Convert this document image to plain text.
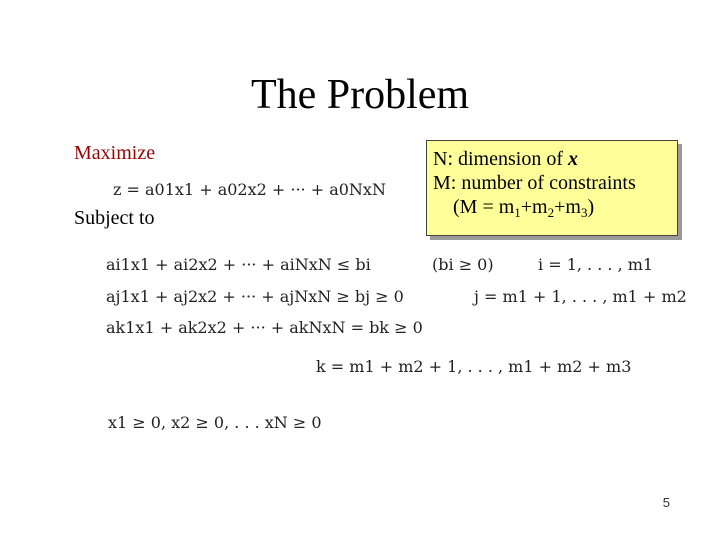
The Problem
Maximize
Subject to
N: dimension of x
M: number of constraints
$(M = m_1+m_2+m_3)$
z = a01x1 + a02x2 + ··· + a0NxN
ai1x1 + ai2x2 + ··· + aiNxN ≤ bi	(bi ≥ 0)	i = 1, . . . , m1
aj1x1 + aj2x2 + ··· + ajNxN ≥ bj ≥ 0	j = m1 + 1, . . . , m1 + m2
ak1x1 + ak2x2 + ··· + akNxN = bk ≥ 0
k = m1 + m2 + 1, . . . , m1 + m2 + m3
x1 ≥ 0, x2 ≥ 0, . . . xN ≥ 0
5
